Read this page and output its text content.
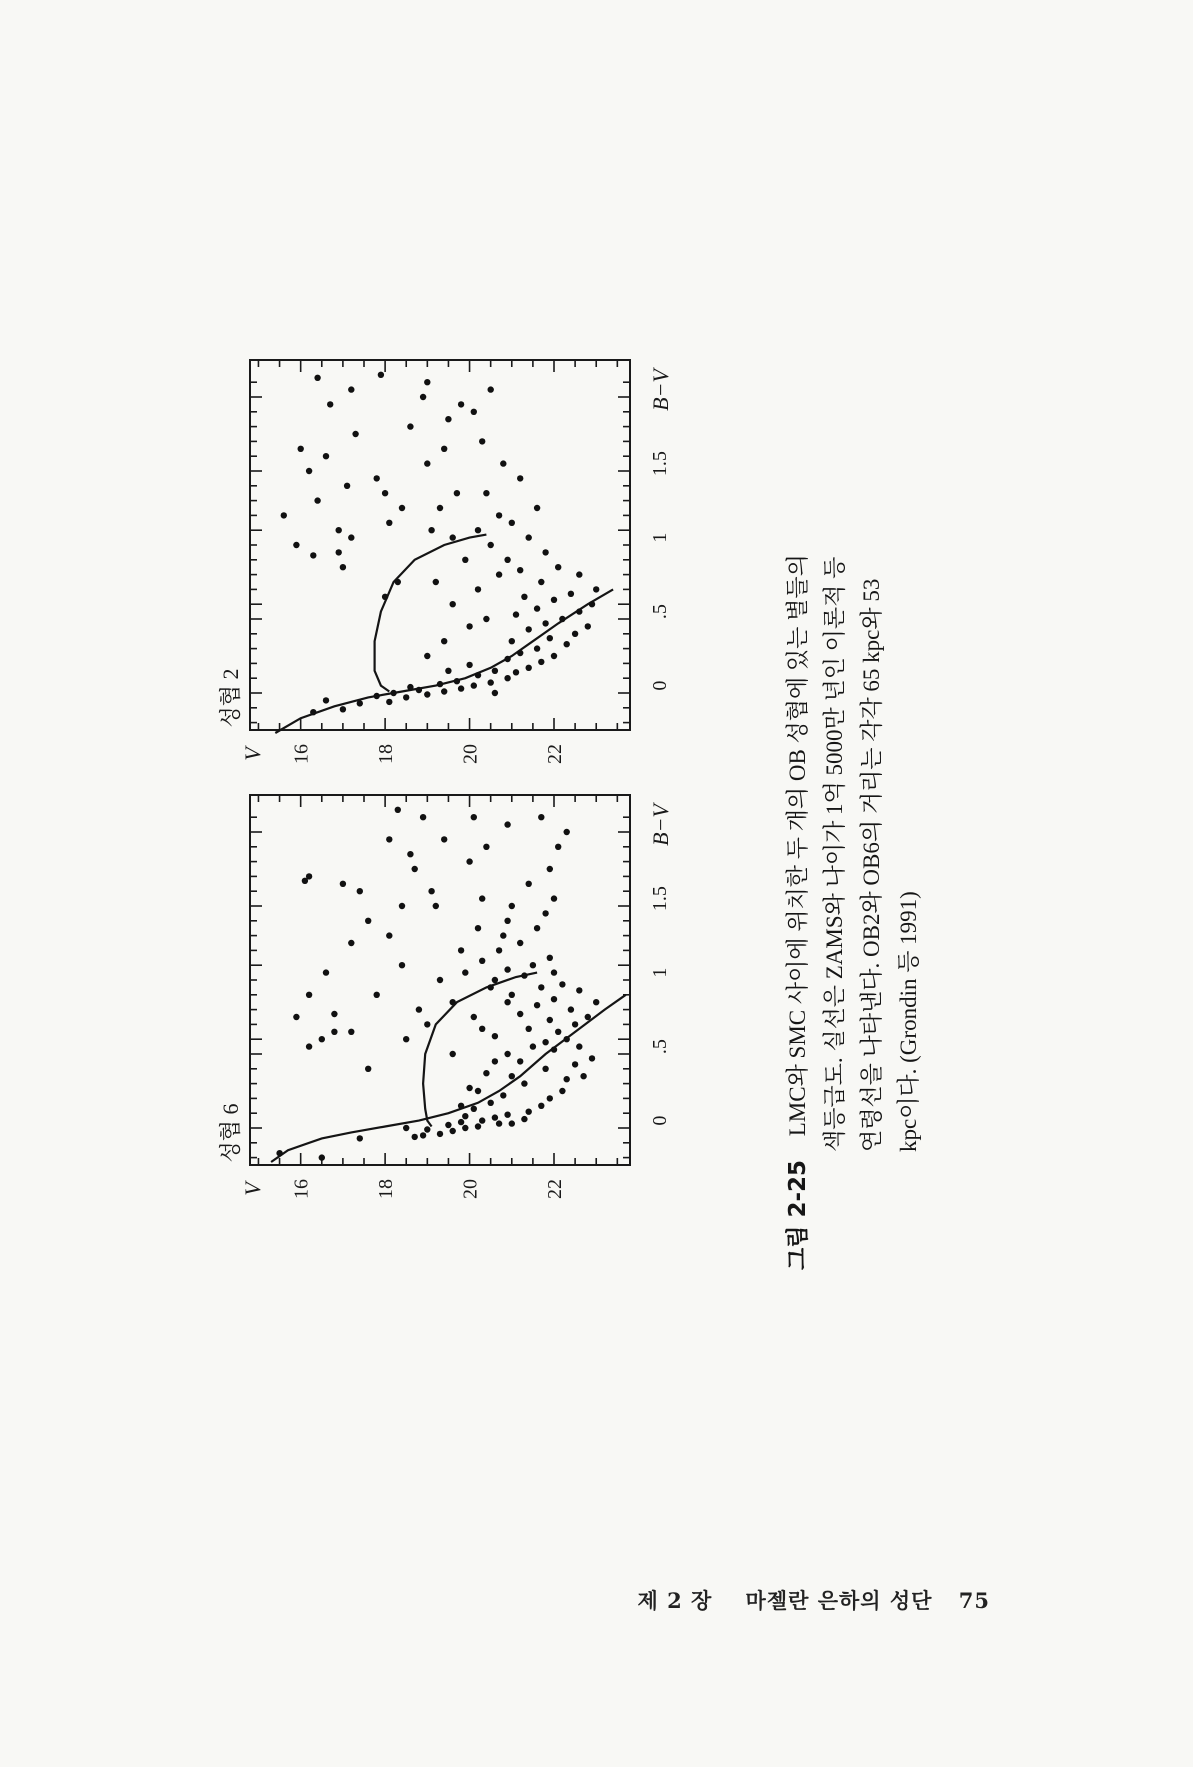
16	18	20	22
V
0
.5
1
1.5
B−V
성협 6
16	18	20	22
V
0
.5
1
1.5
B−V
성협 2
그림 2-25 LMC와 SMC 사이에 위치한 두 개의 OB 성협에 있는 별들의 색등급도. 실선은 ZAMS와 나이가 1억 5000만 년인 이론적 등 연령선을 나타낸다. OB2와 OB6의 거리는 각각 65 kpc와 53 kpc이다. (Grondin 등 1991)
제 2 장 마젤란 은하의 성단 75
